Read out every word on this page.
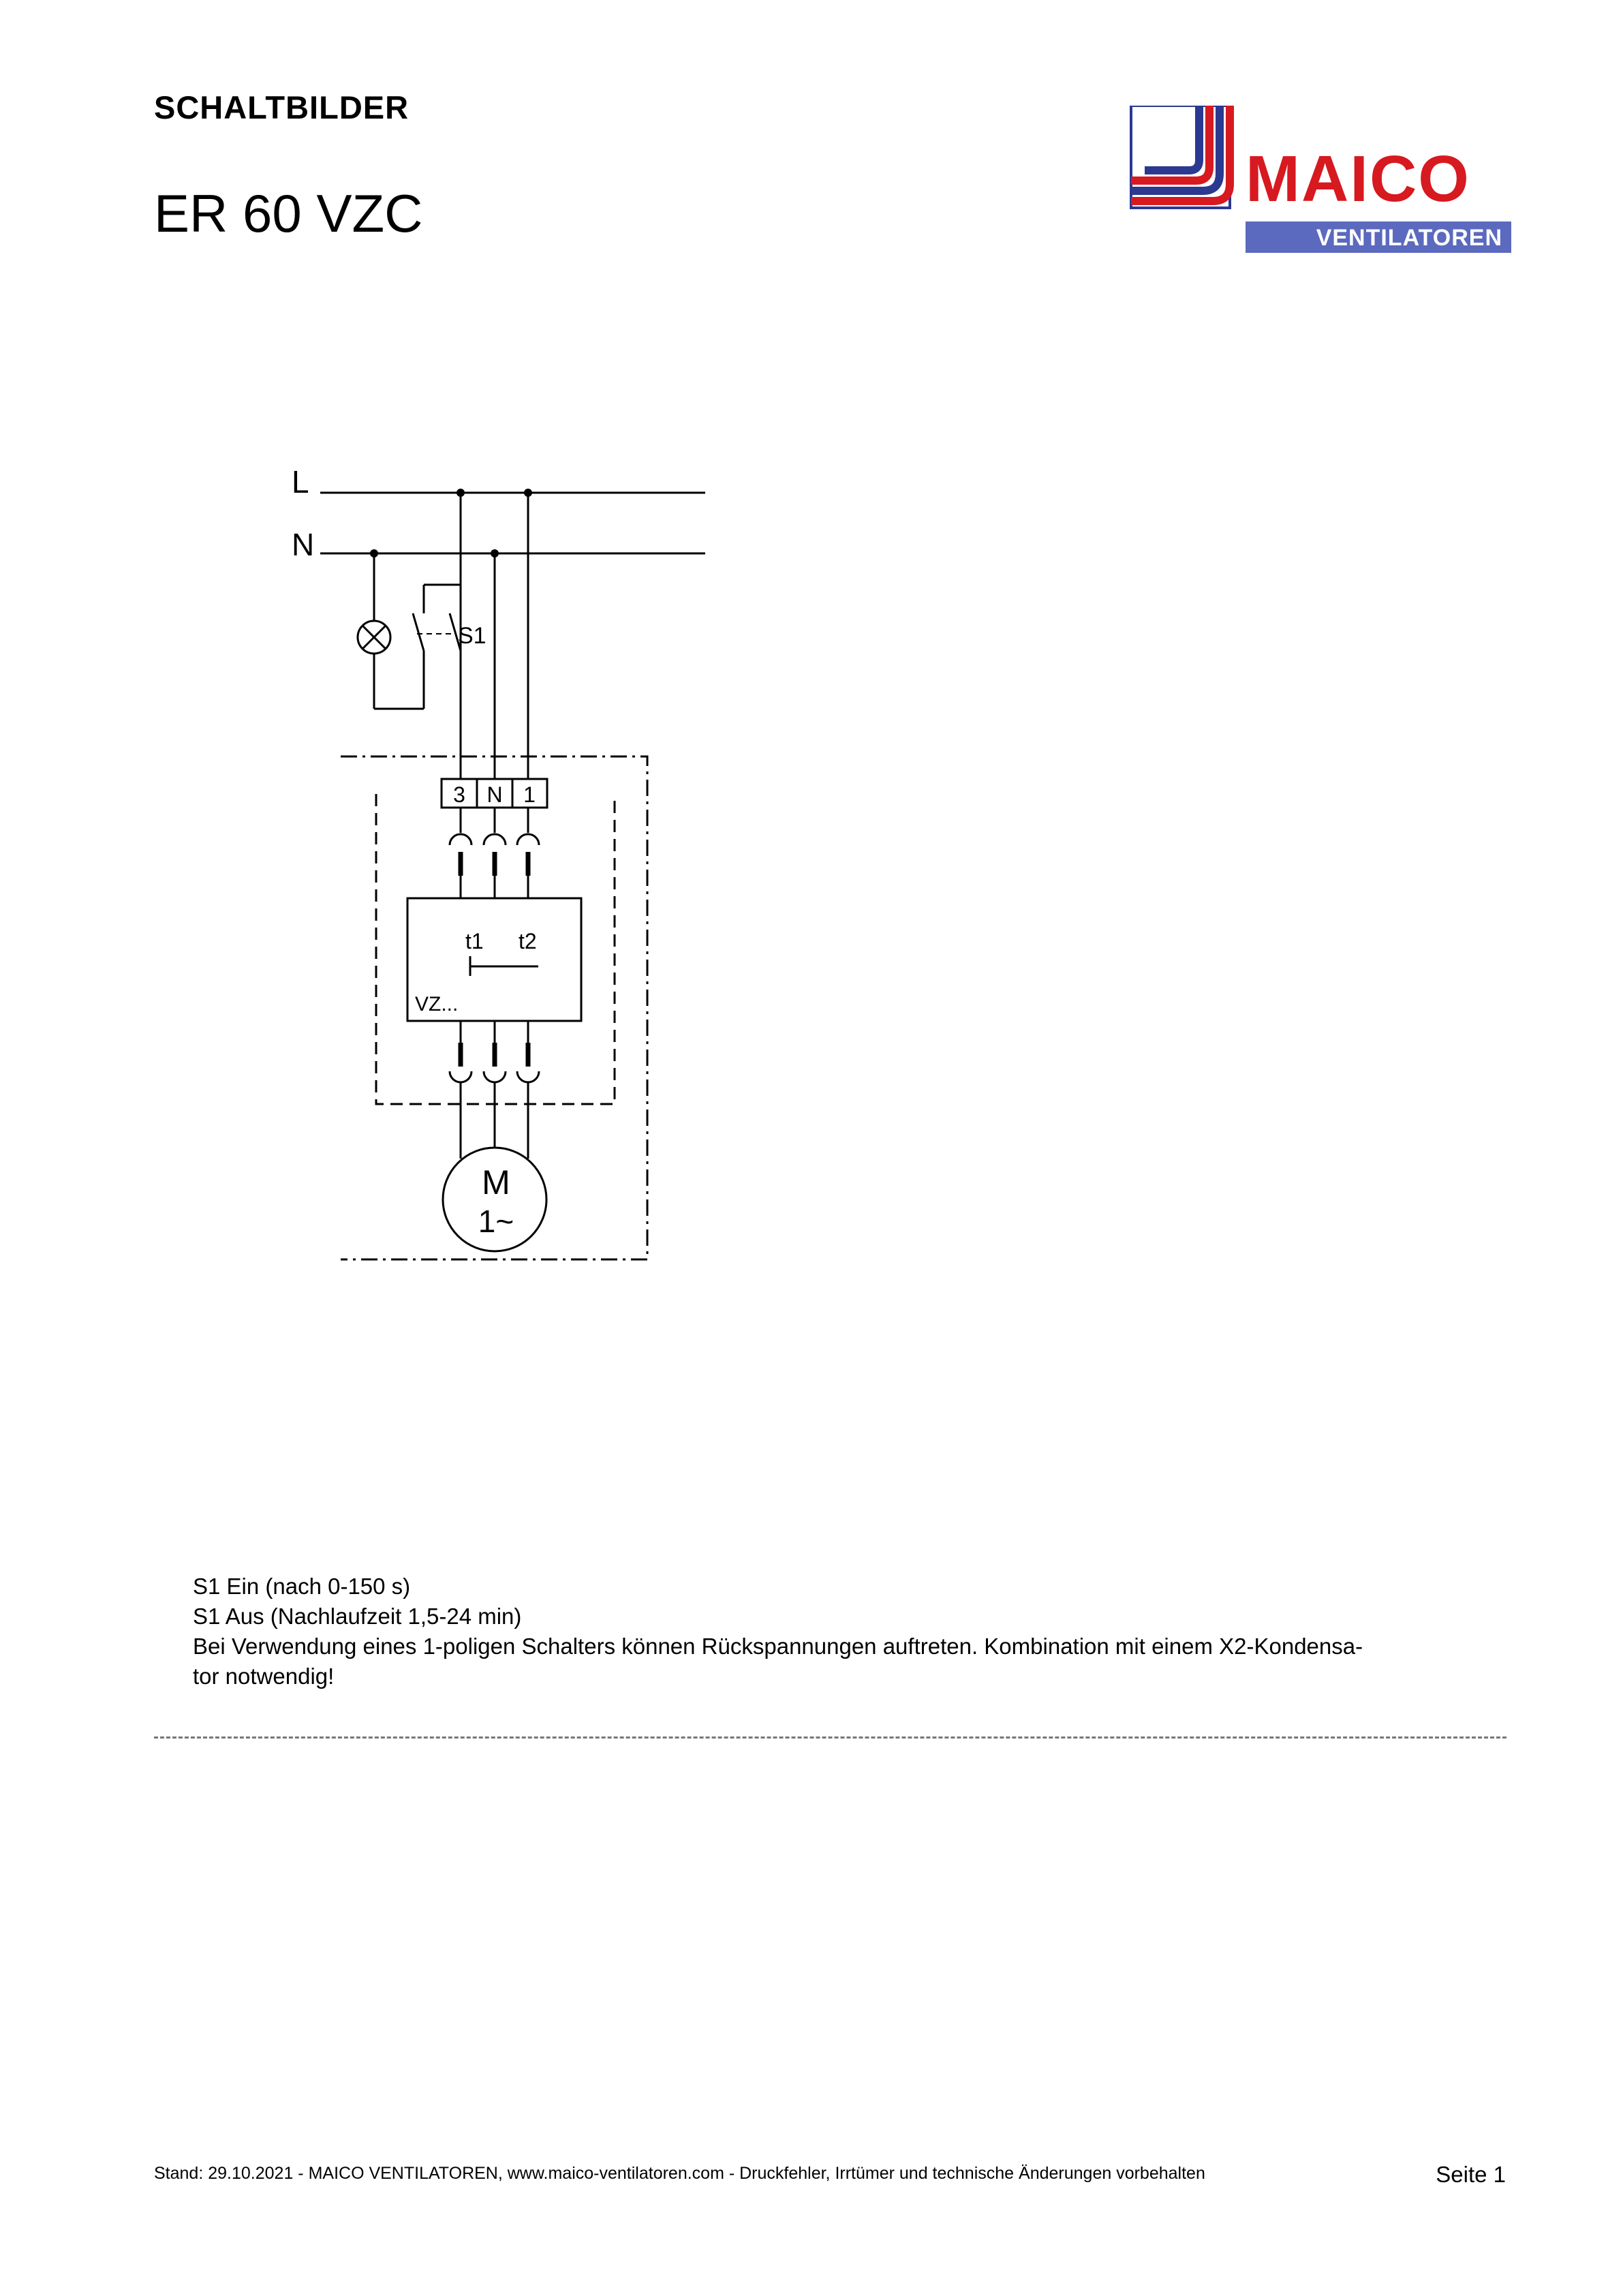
SCHALTBILDER
ER 60 VZC	MAICO
VENTILATOREN
L
N
S1
3 N 1
t1 t2
VZ...
M
1~
S1 Ein (nach 0-150 s)
S1 Aus (Nachlaufzeit 1,5-24 min)
Bei Verwendung eines 1-poligen Schalters können Rückspannungen auftreten. Kombination mit einem X2-Kondensa-
tor notwendig!
Stand: 29.10.2021 - MAICO VENTILATOREN, www.maico-ventilatoren.com - Druckfehler, Irrtümer und technische Änderungen vorbehalten	Seite 1
